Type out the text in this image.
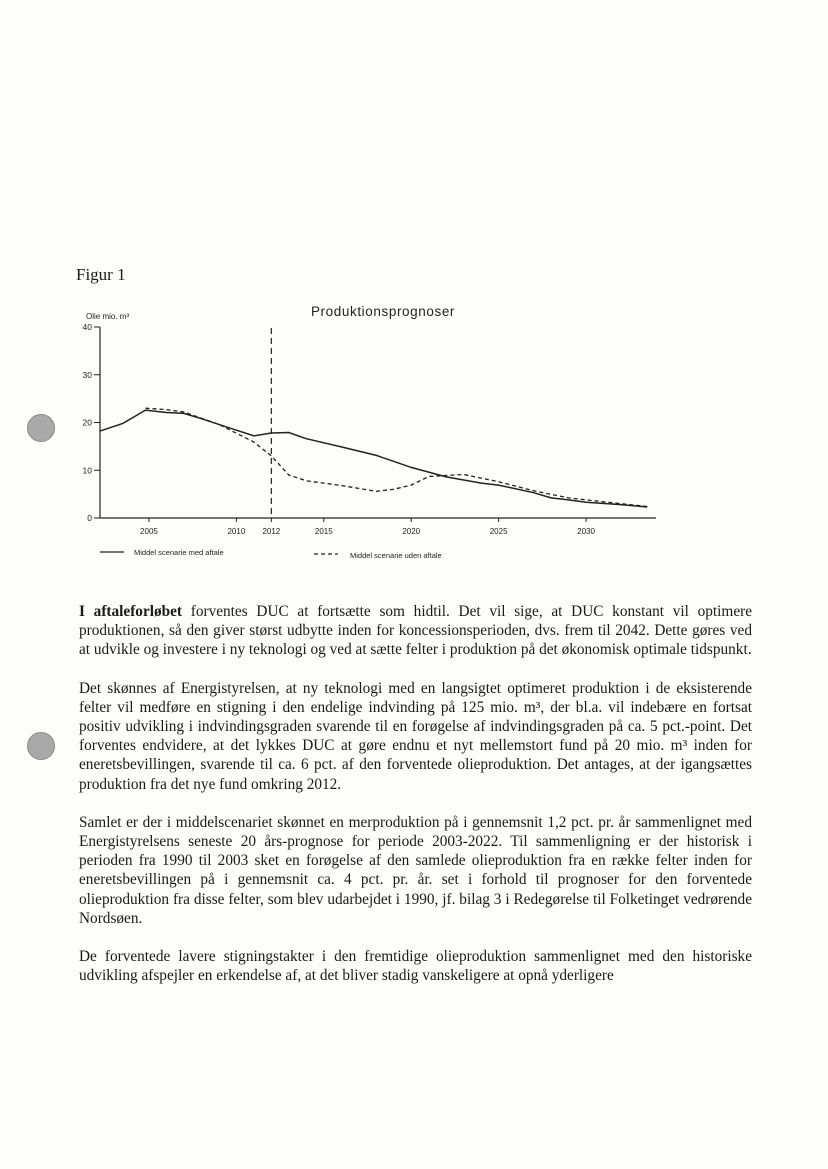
Figur 1
Produktionsprognoser
Olie mio. m³
0
10
20
30
40
2005	2010 2012	2015	2020	2025	2030
Middel scenarie med aftale	Middel scenarie uden aftale

I aftaleforløbet forventes DUC at fortsætte som hidtil. Det vil sige, at DUC konstant vil optimere produktionen, så den giver størst udbytte inden for koncessionsperioden, dvs. frem til 2042. Dette gøres ved at udvikle og investere i ny teknologi og ved at sætte felter i produktion på det økonomisk optimale tidspunkt.

Det skønnes af Energistyrelsen, at ny teknologi med en langsigtet optimeret produktion i de eksisterende felter vil medføre en stigning i den endelige indvinding på 125 mio. m³, der bl.a. vil indebære en fortsat positiv udvikling i indvindingsgraden svarende til en forøgelse af indvindingsgraden på ca. 5 pct.-point. Det forventes endvidere, at det lykkes DUC at gøre endnu et nyt mellemstort fund på 20 mio. m³ inden for eneretsbevillingen, svarende til ca. 6 pct. af den forventede olieproduktion. Det antages, at der igangsættes produktion fra det nye fund omkring 2012.

Samlet er der i middelscenariet skønnet en merproduktion på i gennemsnit 1,2 pct. pr. år sammenlignet med Energistyrelsens seneste 20 års-prognose for periode 2003-2022. Til sammenligning er der historisk i perioden fra 1990 til 2003 sket en forøgelse af den samlede olieproduktion fra en række felter inden for eneretsbevillingen på i gennemsnit ca. 4 pct. pr. år. set i forhold til prognoser for den forventede olieproduktion fra disse felter, som blev udarbejdet i 1990, jf. bilag 3 i Redegørelse til Folketinget vedrørende Nordsøen.

De forventede lavere stigningstakter i den fremtidige olieproduktion sammenlignet med den historiske udvikling afspejler en erkendelse af, at det bliver stadig vanskeligere at opnå yderligere
